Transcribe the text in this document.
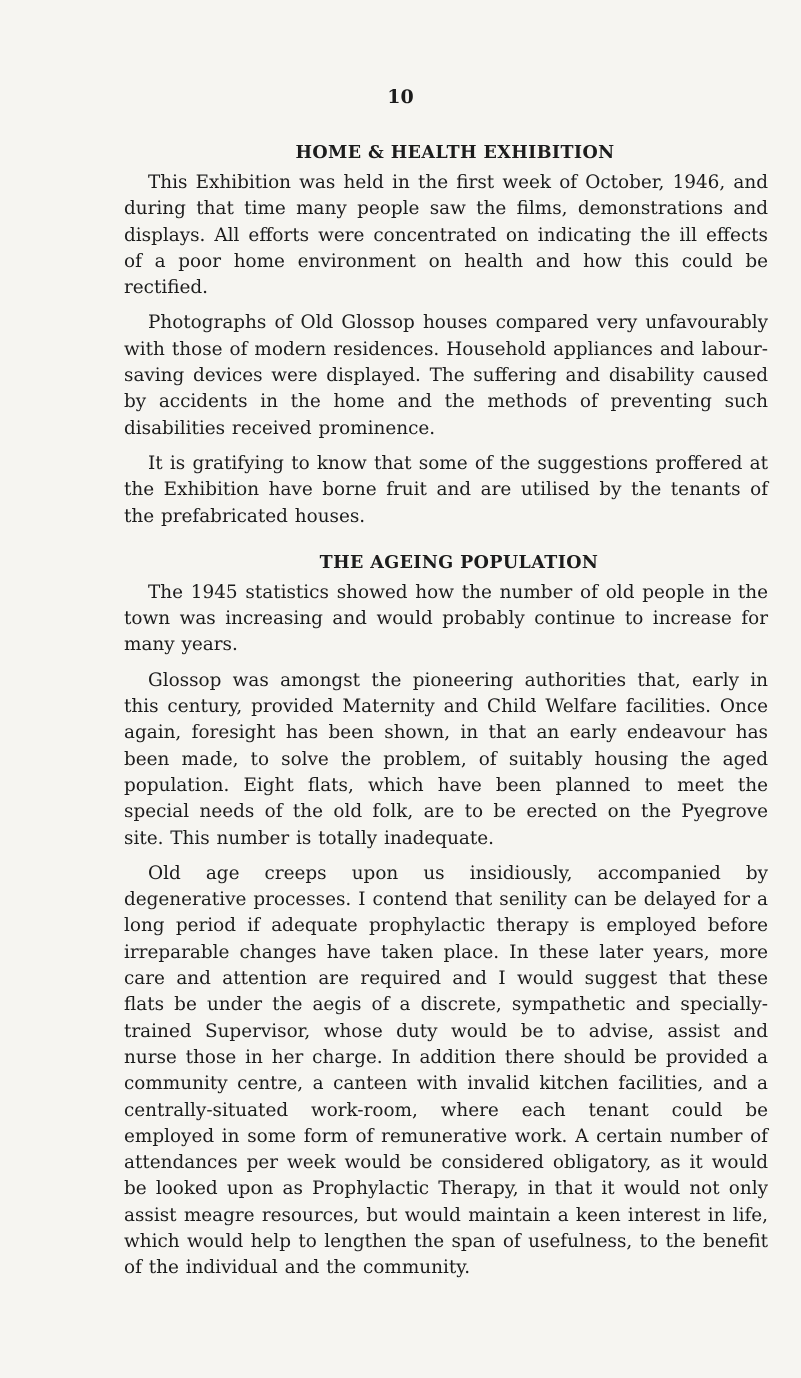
10
HOME & HEALTH EXHIBITION

This Exhibition was held in the first week of October, 1946, and during that time many people saw the films, demonstrations and displays. All efforts were concentrated on indicating the ill effects of a poor home environment on health and how this could be rectified.

Photographs of Old Glossop houses compared very unfavourably with those of modern residences. Household appliances and labour-saving devices were displayed. The suffering and disability caused by accidents in the home and the methods of preventing such disabilities received prominence.

It is gratifying to know that some of the suggestions proffered at the Exhibition have borne fruit and are utilised by the tenants of the prefabricated houses.

THE AGEING POPULATION

The 1945 statistics showed how the number of old people in the town was increasing and would probably continue to increase for many years.

Glossop was amongst the pioneering authorities that, early in this century, provided Maternity and Child Welfare facilities. Once again, foresight has been shown, in that an early endeavour has been made, to solve the problem, of suitably housing the aged population. Eight flats, which have been planned to meet the special needs of the old folk, are to be erected on the Pyegrove site. This number is totally inadequate.

Old age creeps upon us insidiously, accompanied by degenerative processes. I contend that senility can be delayed for a long period if adequate prophylactic therapy is employed before irreparable changes have taken place. In these later years, more care and attention are required and I would suggest that these flats be under the aegis of a discrete, sympathetic and specially-trained Supervisor, whose duty would be to advise, assist and nurse those in her charge. In addition there should be provided a community centre, a canteen with invalid kitchen facilities, and a centrally-situated work-room, where each tenant could be employed in some form of remunerative work. A certain number of attendances per week would be considered obligatory, as it would be looked upon as Prophylactic Therapy, in that it would not only assist meagre resources, but would maintain a keen interest in life, which would help to lengthen the span of usefulness, to the benefit of the individual and the community.
